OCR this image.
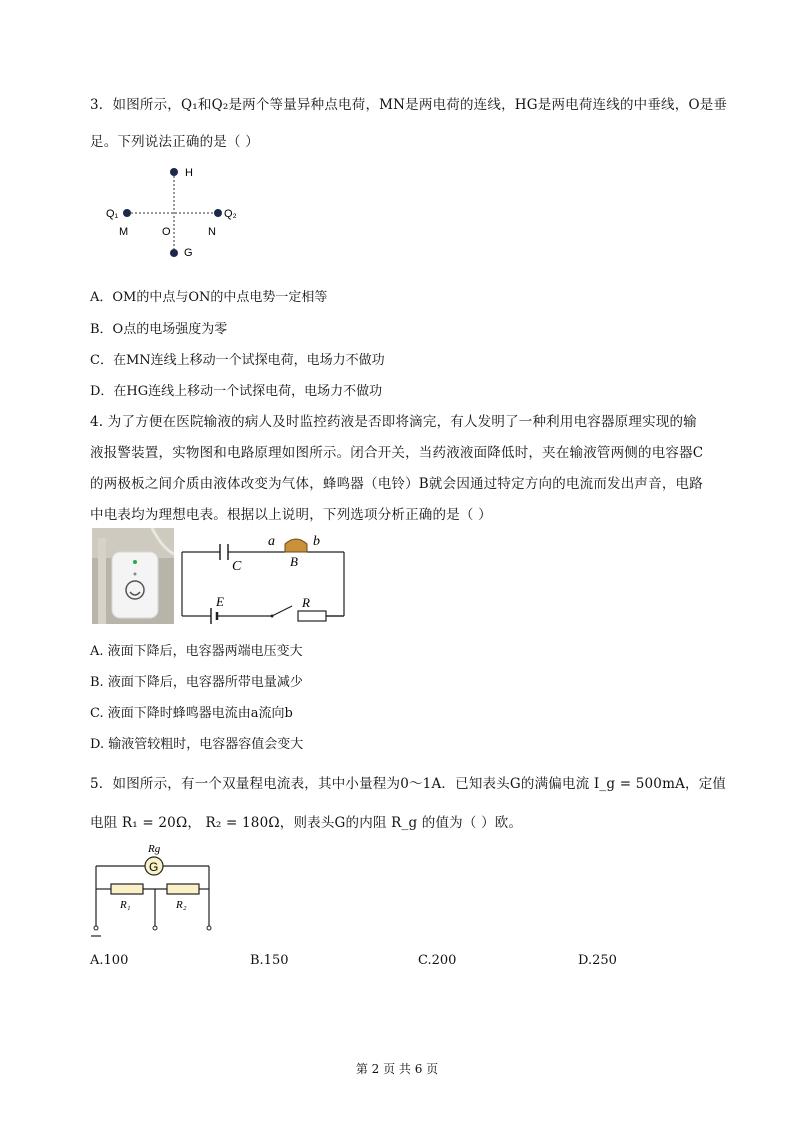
3．如图所示，Q₁和Q₂是两个等量异种点电荷，MN是两电荷的连线，HG是两电荷连线的中垂线，O是垂
足。下列说法正确的是（ ）
H
G
Q₁	Q₂
M	O	N
A．OM的中点与ON的中点电势一定相等
B．O点的电场强度为零
C．在MN连线上移动一个试探电荷，电场力不做功
D．在HG连线上移动一个试探电荷，电场力不做功
4. 为了方便在医院输液的病人及时监控药液是否即将滴完，有人发明了一种利用电容器原理实现的输
液报警装置，实物图和电路原理如图所示。闭合开关，当药液液面降低时，夹在输液管两侧的电容器C
的两极板之间介质由液体改变为气体，蜂鸣器（电铃）B就会因通过特定方向的电流而发出声音，电路
中电表均为理想电表。根据以上说明，下列选项分析正确的是（ ）
a	b
B
C
E	R
A. 液面下降后，电容器两端电压变大
B. 液面下降后，电容器所带电量减少
C. 液面下降时蜂鸣器电流由a流向b
D. 输液管较粗时，电容器容值会变大
5．如图所示，有一个双量程电流表，其中小量程为0～1A．已知表头G的满偏电流 I_g = 500mA，定值
电阻 R₁ = 20Ω， R₂ = 180Ω，则表头G的内阻 R_g 的值为（ ）欧。
G
Rg
R₁	R₂
A.100	B.150	C.200	D.250
第 2 页 共 6 页
